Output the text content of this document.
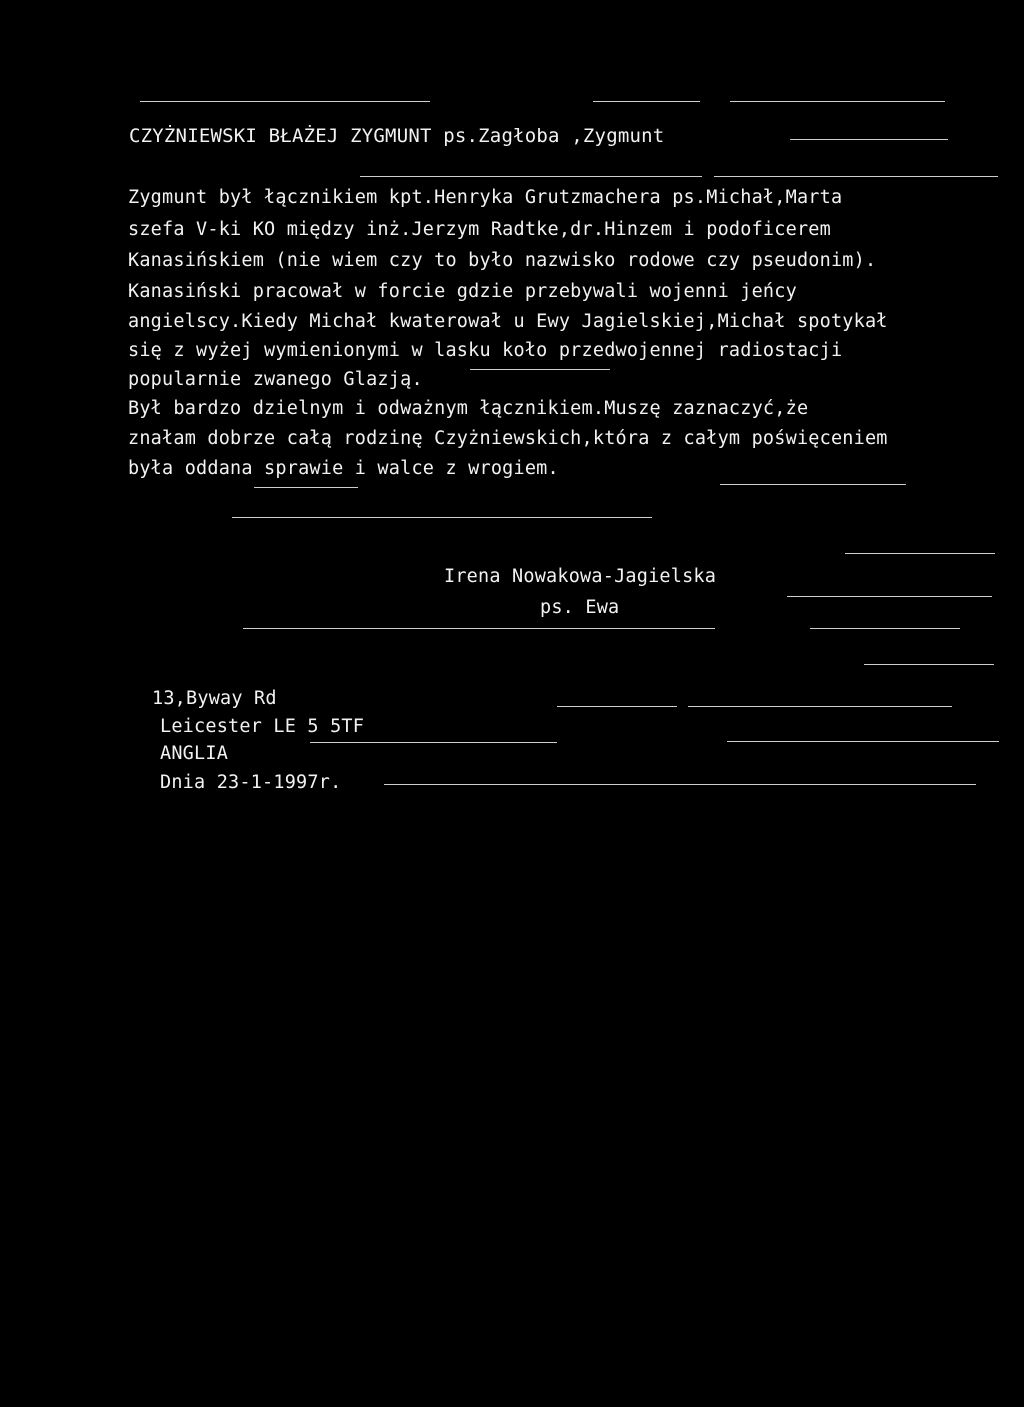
CZYŻNIEWSKI BŁAŻEJ ZYGMUNT ps.Zagłoba ,Zygmunt
Zygmunt był łącznikiem kpt.Henryka Grutzmachera ps.Michał,Marta
szefa V-ki KO między inż.Jerzym Radtke,dr.Hinzem i podoficerem
Kanasińskiem (nie wiem czy to było nazwisko rodowe czy pseudonim).
Kanasiński pracował w forcie gdzie przebywali wojenni jeńcy
angielscy.Kiedy Michał kwaterował u Ewy Jagielskiej,Michał spotykał
się z wyżej wymienionymi w lasku koło przedwojennej radiostacji
popularnie zwanego Glazją.
Był bardzo dzielnym i odważnym łącznikiem.Muszę zaznaczyć,że
znałam dobrze całą rodzinę Czyżniewskich,która z całym poświęceniem
była oddana sprawie i walce z wrogiem.
Irena Nowakowa-Jagielska
ps. Ewa
13,Byway Rd
Leicester LE 5 5TF
ANGLIA
Dnia 23-1-1997r.
